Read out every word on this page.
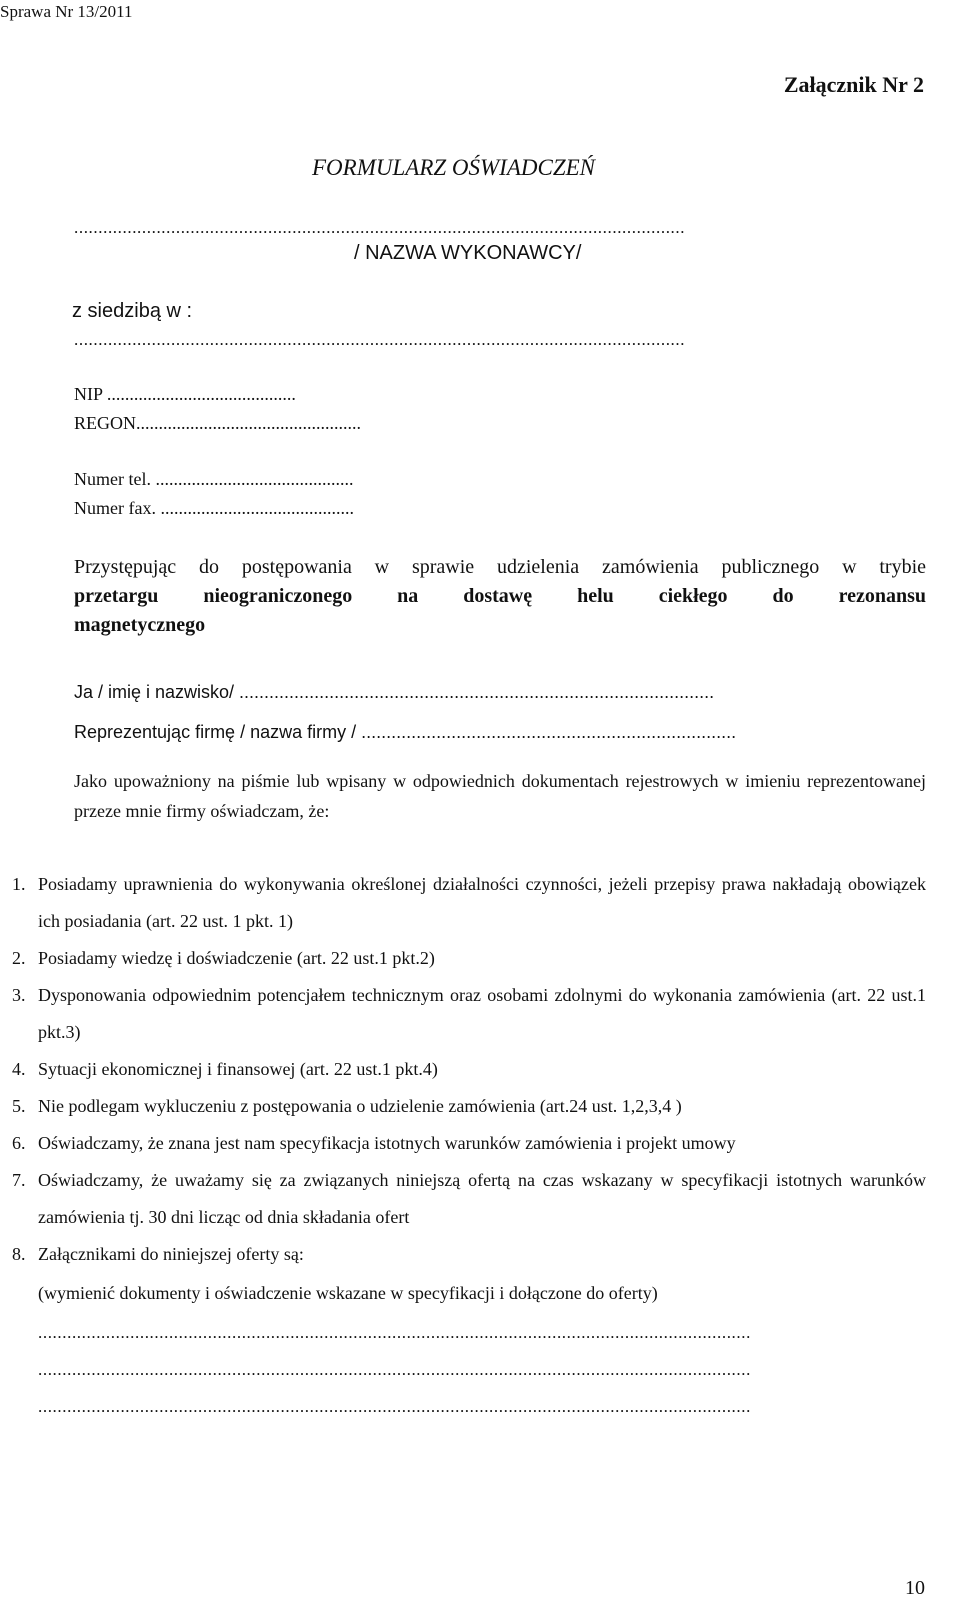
Sprawa Nr 13/2011

Załącznik Nr 2

FORMULARZ OŚWIADCZEŃ

..............................................................................................................................

/ NAZWA WYKONAWCY/

z siedzibą w :

..............................................................................................................................

NIP ..........................................

REGON..................................................

Numer tel. ............................................

Numer fax. ...........................................

Przystępując do postępowania w sprawie udzielenia zamówienia publicznego w trybie

przetargu nieograniczonego na dostawę helu ciekłego do rezonansu

magnetycznego

Ja / imię i nazwisko/ ...............................................................................................

Reprezentując firmę / nazwa firmy / ...........................................................................

Jako upoważniony na piśmie lub wpisany w odpowiednich dokumentach rejestrowych w imieniu reprezentowanej przeze mnie firmy oświadczam, że:

1. Posiadamy uprawnienia do wykonywania określonej działalności czynności, jeżeli przepisy prawa nakładają obowiązek ich posiadania (art. 22 ust. 1 pkt. 1)
2. Posiadamy wiedzę i doświadczenie (art. 22 ust.1 pkt.2)
3. Dysponowania odpowiednim potencjałem technicznym oraz osobami zdolnymi do wykonania zamówienia (art. 22 ust.1 pkt.3)
4. Sytuacji ekonomicznej i finansowej (art. 22 ust.1 pkt.4)
5. Nie podlegam wykluczeniu z postępowania o udzielenie zamówienia (art.24 ust. 1,2,3,4 )
6. Oświadczamy, że znana jest nam specyfikacja istotnych warunków zamówienia i projekt umowy
7. Oświadczamy, że uważamy się za związanych niniejszą ofertą na czas wskazany w specyfikacji istotnych warunków zamówienia tj. 30 dni licząc od dnia składania ofert
8. Załącznikami do niniejszej oferty są:
(wymienić dokumenty i oświadczenie wskazane w specyfikacji i dołączone do oferty)
...................................................................................................................................................
...................................................................................................................................................
...................................................................................................................................................

10
